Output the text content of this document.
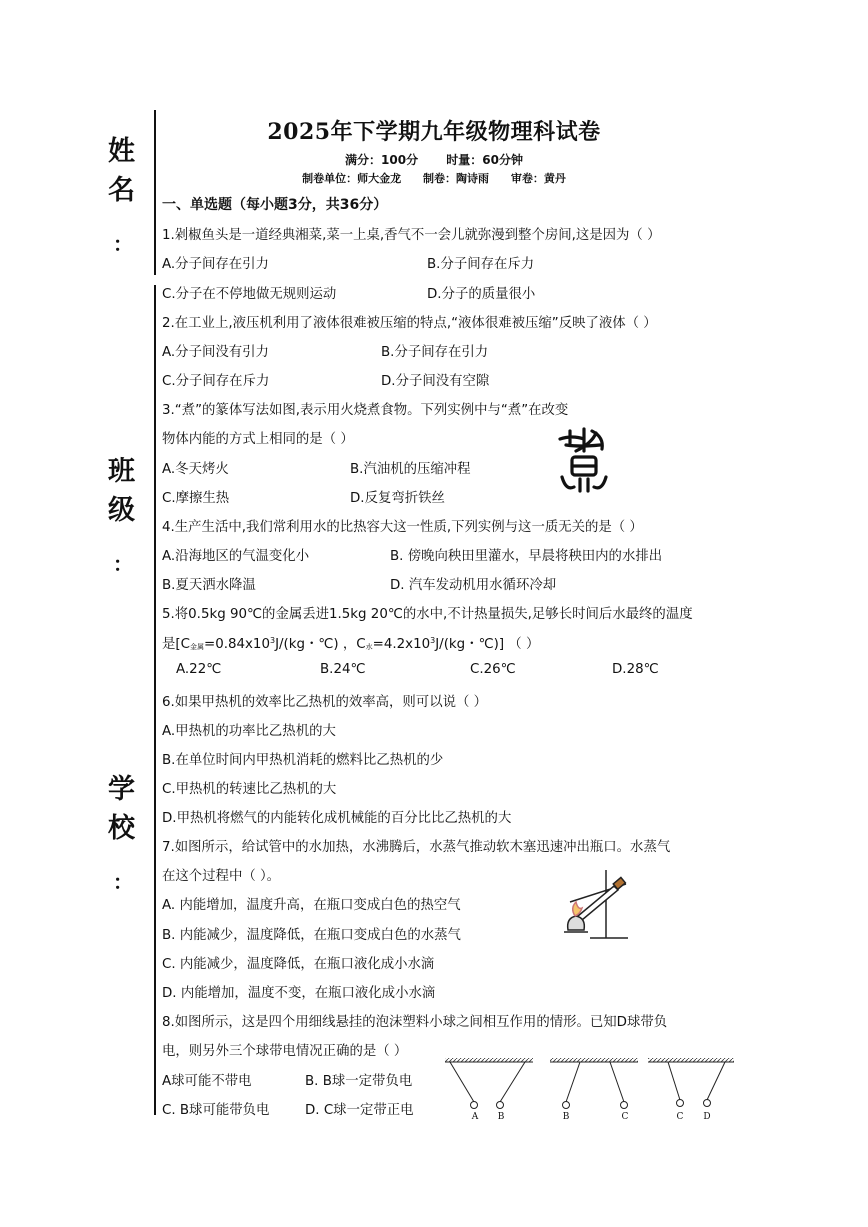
姓
名
：
班
级
：
学
校
：
2025年下学期九年级物理科试卷
满分：100分 时量：60分钟
制卷单位：师大金龙 制卷：陶诗雨 审卷：黄丹
一、单选题（每小题3分，共36分）
1.剁椒鱼头是一道经典湘菜,菜一上桌,香气不一会儿就弥漫到整个房间,这是因为（ ）
A.分子间存在引力	B.分子间存在斥力
C.分子在不停地做无规则运动	D.分子的质量很小
2.在工业上,液压机利用了液体很难被压缩的特点,“液体很难被压缩”反映了液体（ ）
A.分子间没有引力	B.分子间存在引力
C.分子间存在斥力	D.分子间没有空隙
3.“煮”的篆体写法如图,表示用火烧煮食物。下列实例中与“煮”在改变
物体内能的方式上相同的是（ ）
A.冬天烤火	B.汽油机的压缩冲程
C.摩擦生热	D.反复弯折铁丝
4.生产生活中,我们常利用水的比热容大这一性质,下列实例与这一质无关的是（ ）
A.沿海地区的气温变化小	B. 傍晚向秧田里灌水，早晨将秧田内的水排出
B.夏天洒水降温	D. 汽车发动机用水循环冷却
5.将0.5kg 90℃的金属丢进1.5kg 20℃的水中,不计热量损失,足够长时间后水最终的温度
是[$C_{金属}=0.84x10^3J/(kg$・℃) ，$C_水=4.2x10^3J/(kg$・℃)] （ ）
A.22℃	B.24℃	C.26℃	D.28℃
6.如果甲热机的效率比乙热机的效率高，则可以说（ ）
A.甲热机的功率比乙热机的大
B.在单位时间内甲热机消耗的燃料比乙热机的少
C.甲热机的转速比乙热机的大
D.甲热机将燃气的内能转化成机械能的百分比比乙热机的大
7.如图所示，给试管中的水加热，水沸腾后，水蒸气推动软木塞迅速冲出瓶口。水蒸气
在这个过程中（ ）。
A. 内能增加，温度升高，在瓶口变成白色的热空气
B. 内能减少，温度降低，在瓶口变成白色的水蒸气
C. 内能减少，温度降低，在瓶口液化成小水滴
D. 内能增加，温度不变，在瓶口液化成小水滴
8.如图所示，这是四个用细线悬挂的泡沫塑料小球之间相互作用的情形。已知D球带负
电，则另外三个球带电情况正确的是（ ）
A球可能不带电	B. B球一定带负电
C. B球可能带负电	D. C球一定带正电	A B	B	C	C D
